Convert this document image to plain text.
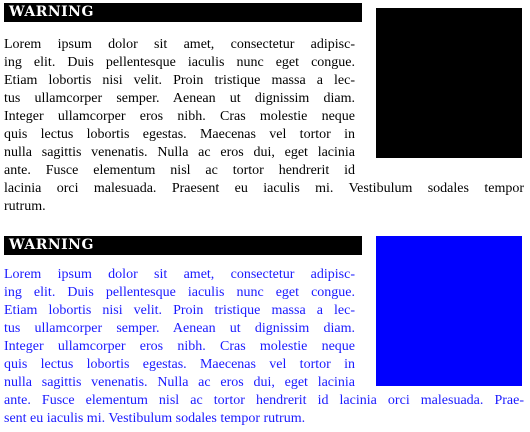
WARNING

Lorem ipsum dolor sit amet, consectetur adipisc-

ing elit. Duis pellentesque iaculis nunc eget congue.

Etiam lobortis nisi velit. Proin tristique massa a lec-

tus ullamcorper semper. Aenean ut dignissim diam.

Integer ullamcorper eros nibh. Cras molestie neque

quis lectus lobortis egestas. Maecenas vel tortor in

nulla sagittis venenatis. Nulla ac eros dui, eget lacinia

ante. Fusce elementum nisl ac tortor hendrerit id

lacinia orci malesuada. Praesent eu iaculis mi. Vestibulum sodales tempor

rutrum.

WARNING

Lorem ipsum dolor sit amet, consectetur adipisc-

ing elit. Duis pellentesque iaculis nunc eget congue.

Etiam lobortis nisi velit. Proin tristique massa a lec-

tus ullamcorper semper. Aenean ut dignissim diam.

Integer ullamcorper eros nibh. Cras molestie neque

quis lectus lobortis egestas. Maecenas vel tortor in

nulla sagittis venenatis. Nulla ac eros dui, eget lacinia

ante. Fusce elementum nisl ac tortor hendrerit id lacinia orci malesuada. Prae-

sent eu iaculis mi. Vestibulum sodales tempor rutrum.
